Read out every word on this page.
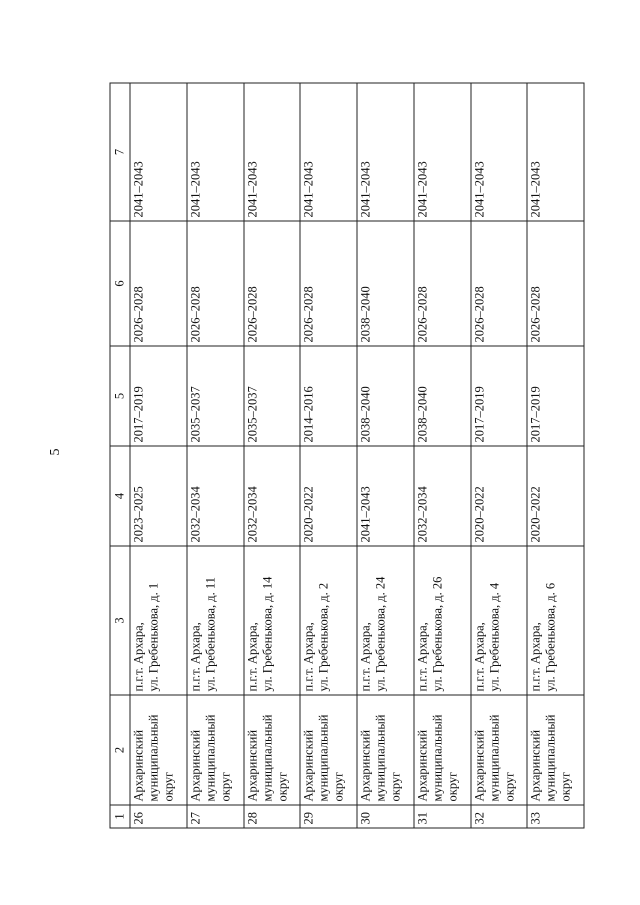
5
1	2	3	4	5	6	7
26	Архаринский муниципальный округ	п.г.т. Архара, ул. Гребенькова, д. 1	2023–2025	2017–2019	2026–2028	2041–2043
27	Архаринский муниципальный округ	п.г.т. Архара, ул. Гребенькова, д. 11	2032–2034	2035–2037	2026–2028	2041–2043
28	Архаринский муниципальный округ	п.г.т. Архара, ул. Гребенькова, д. 14	2032–2034	2035–2037	2026–2028	2041–2043
29	Архаринский муниципальный округ	п.г.т. Архара, ул. Гребенькова, д. 2	2020–2022	2014–2016	2026–2028	2041–2043
30	Архаринский муниципальный округ	п.г.т. Архара, ул. Гребенькова, д. 24	2041–2043	2038–2040	2038–2040	2041–2043
31	Архаринский муниципальный округ	п.г.т. Архара, ул. Гребенькова, д. 26	2032–2034	2038–2040	2026–2028	2041–2043
32	Архаринский муниципальный округ	п.г.т. Архара, ул. Гребенькова, д. 4	2020–2022	2017–2019	2026–2028	2041–2043
33	Архаринский муниципальный округ	п.г.т. Архара, ул. Гребенькова, д. 6	2020–2022	2017–2019	2026–2028	2041–2043
